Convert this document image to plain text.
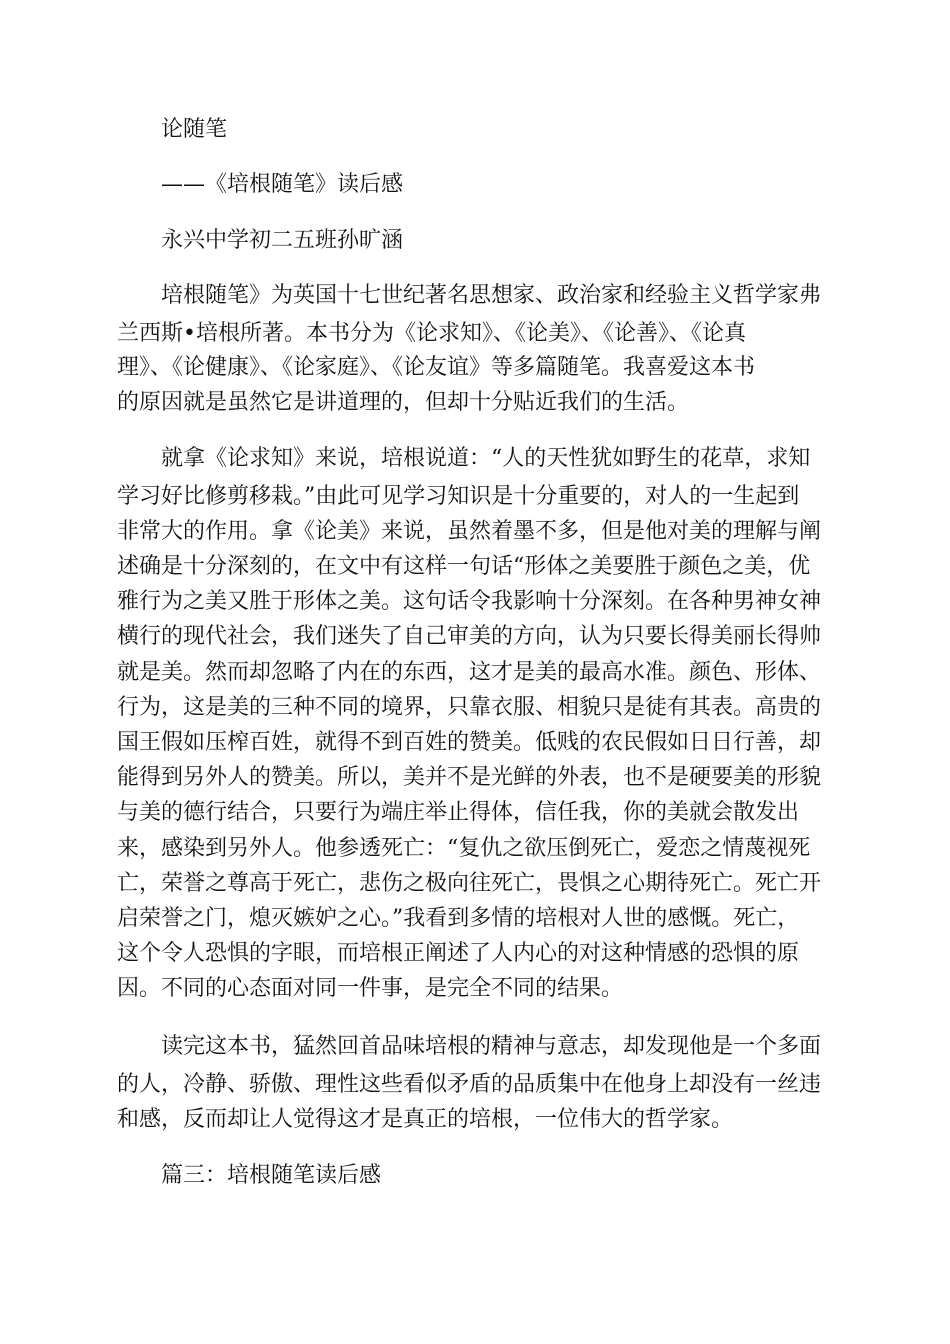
论随笔

——《培根随笔》读后感

永兴中学初二五班孙旷涵

培根随笔》为英国十七世纪著名思想家、政治家和经验主义哲学家弗

兰西斯•培根所著。本书分为《论求知》、《论美》、《论善》、《论真

理》、《论健康》、《论家庭》、《论友谊》等多篇随笔。我喜爱这本书

的原因就是虽然它是讲道理的，但却十分贴近我们的生活。

就拿《论求知》来说，培根说道：“人的天性犹如野生的花草，求知

学习好比修剪移栽。”由此可见学习知识是十分重要的，对人的一生起到

非常大的作用。拿《论美》来说，虽然着墨不多，但是他对美的理解与阐

述确是十分深刻的，在文中有这样一句话“形体之美要胜于颜色之美，优

雅行为之美又胜于形体之美。这句话令我影响十分深刻。在各种男神女神

横行的现代社会，我们迷失了自己审美的方向，认为只要长得美丽长得帅

就是美。然而却忽略了内在的东西，这才是美的最高水准。颜色、形体、

行为，这是美的三种不同的境界，只靠衣服、相貌只是徒有其表。高贵的

国王假如压榨百姓，就得不到百姓的赞美。低贱的农民假如日日行善，却

能得到另外人的赞美。所以，美并不是光鲜的外表，也不是硬要美的形貌

与美的德行结合，只要行为端庄举止得体，信任我，你的美就会散发出

来，感染到另外人。他参透死亡：“复仇之欲压倒死亡，爱恋之情蔑视死

亡，荣誉之尊高于死亡，悲伤之极向往死亡，畏惧之心期待死亡。死亡开

启荣誉之门，熄灭嫉妒之心。”我看到多情的培根对人世的感慨。死亡，

这个令人恐惧的字眼，而培根正阐述了人内心的对这种情感的恐惧的原

因。不同的心态面对同一件事，是完全不同的结果。

读完这本书，猛然回首品味培根的精神与意志，却发现他是一个多面

的人，冷静、骄傲、理性这些看似矛盾的品质集中在他身上却没有一丝违

和感，反而却让人觉得这才是真正的培根，一位伟大的哲学家。

篇三：培根随笔读后感
